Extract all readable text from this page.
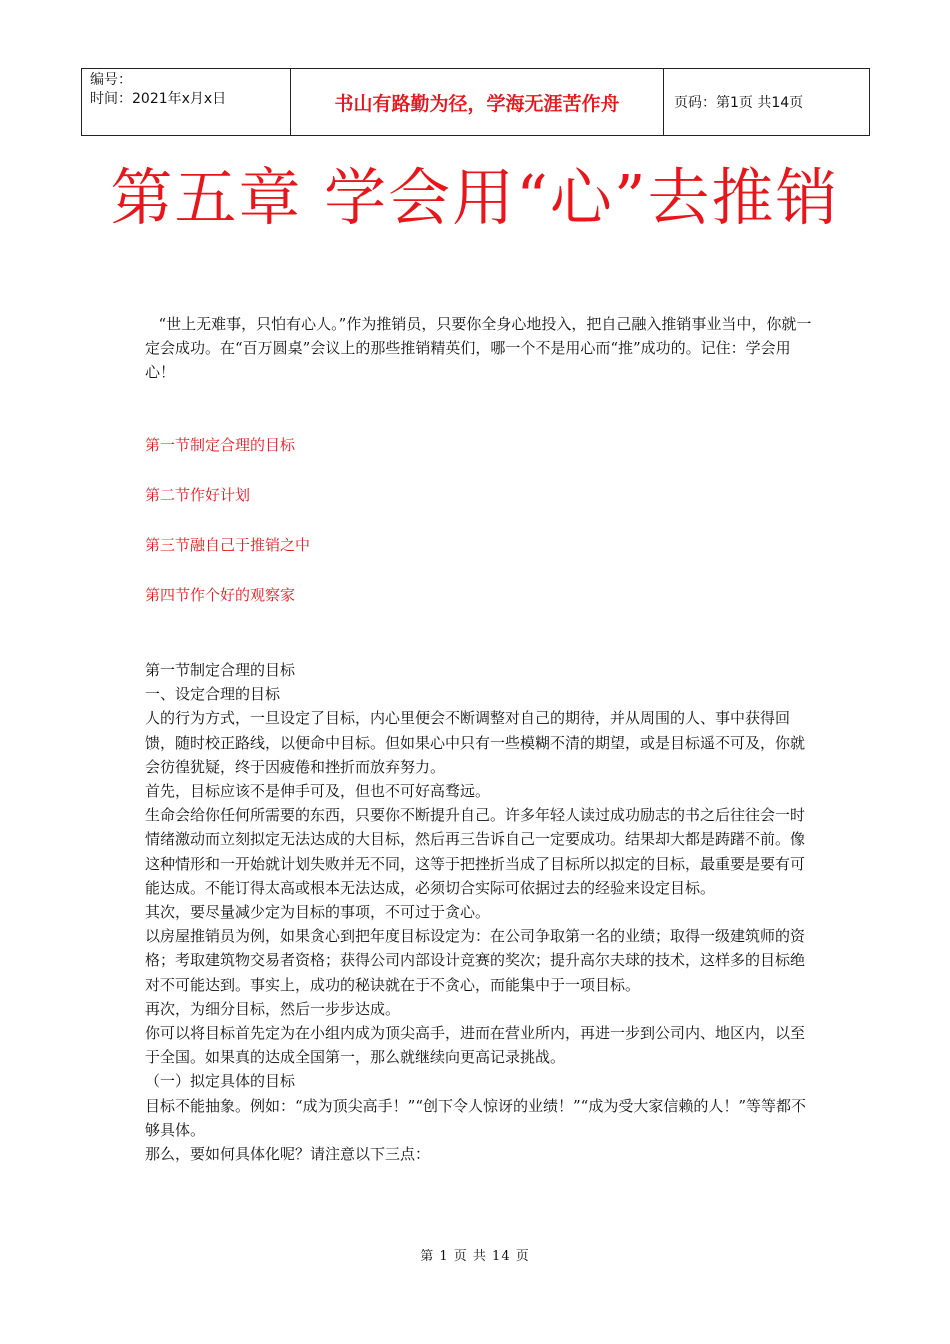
编号：
时间：2021年x月x日	书山有路勤为径，学海无涯苦作舟	页码：第1页 共14页
第五章 学会用“心”去推销
“世上无难事，只怕有心人。”作为推销员，只要你全身心地投入，把自己融入推销事业当中，你就一定会成功。在“百万圆桌”会议上的那些推销精英们，哪一个不是用心而“推”成功的。记住：学会用心！
第一节制定合理的目标
第二节作好计划
第三节融自己于推销之中
第四节作个好的观察家

第一节制定合理的目标

一、设定合理的目标

人的行为方式，一旦设定了目标，内心里便会不断调整对自己的期待，并从周围的人、事中获得回馈，随时校正路线，以便命中目标。但如果心中只有一些模糊不清的期望，或是目标遥不可及，你就会彷徨犹疑，终于因疲倦和挫折而放弃努力。

首先，目标应该不是伸手可及，但也不可好高骛远。

生命会给你任何所需要的东西，只要你不断提升自己。许多年轻人读过成功励志的书之后往往会一时情绪激动而立刻拟定无法达成的大目标，然后再三告诉自己一定要成功。结果却大都是踌躇不前。像这种情形和一开始就计划失败并无不同，这等于把挫折当成了目标所以拟定的目标，最重要是要有可能达成。不能订得太高或根本无法达成，必须切合实际可依据过去的经验来设定目标。

其次，要尽量减少定为目标的事项，不可过于贪心。

以房屋推销员为例，如果贪心到把年度目标设定为：在公司争取第一名的业绩；取得一级建筑师的资格；考取建筑物交易者资格；获得公司内部设计竞赛的奖次；提升高尔夫球的技术，这样多的目标绝对不可能达到。事实上，成功的秘诀就在于不贪心，而能集中于一项目标。

再次，为细分目标，然后一步步达成。

你可以将目标首先定为在小组内成为顶尖高手，进而在营业所内，再进一步到公司内、地区内，以至于全国。如果真的达成全国第一，那么就继续向更高记录挑战。

（一）拟定具体的目标

目标不能抽象。例如：“成为顶尖高手！”“创下令人惊讶的业绩！”“成为受大家信赖的人！”等等都不够具体。

那么，要如何具体化呢？请注意以下三点：

第 1 页 共 14 页
